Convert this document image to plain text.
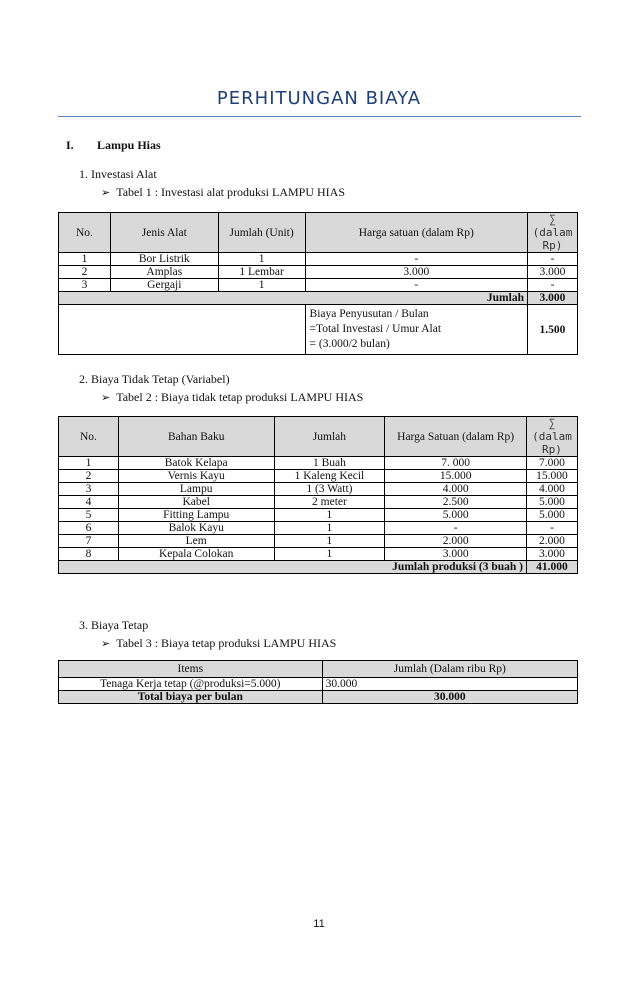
PERHITUNGAN BIAYA
I. Lampu Hias
1. Investasi Alat
➢ Tabel 1 : Investasi alat produksi LAMPU HIAS
No.	Jenis Alat	Jumlah (Unit)	Harga satuan (dalam Rp)	∑ (dalam Rp)
1	Bor Listrik	1	-	-
2	Amplas	1 Lembar	3.000	3.000
3	Gergaji	1	-	-
Jumlah				3.000

			Biaya Penyusutan / Bulan
=Total Investasi / Umur Alat
= (3.000/2 bulan)	1.500
2. Biaya Tidak Tetap (Variabel)
➢ Tabel 2 : Biaya tidak tetap produksi LAMPU HIAS
No.	Bahan Baku	Jumlah	Harga Satuan (dalam Rp)	∑ (dalam Rp)
1	Batok Kelapa	1 Buah	7. 000	7.000
2	Vernis Kayu	1 Kaleng Kecil	15.000	15.000
3	Lampu	1 (3 Watt)	4.000	4.000
4	Kabel	2 meter	2.500	5.000
5	Fitting Lampu	1	5.000	5.000
6	Balok Kayu	1	-	-
7	Lem	1	2.000	2.000
8	Kepala Colokan	1	3.000	3.000
Jumlah produksi (3 buah )				41.000
3. Biaya Tetap
➢ Tabel 3 : Biaya tetap produksi LAMPU HIAS
Items	Jumlah (Dalam ribu Rp)
Tenaga Kerja tetap (@produksi=5.000)	30.000
Total biaya per bulan	30.000
11
